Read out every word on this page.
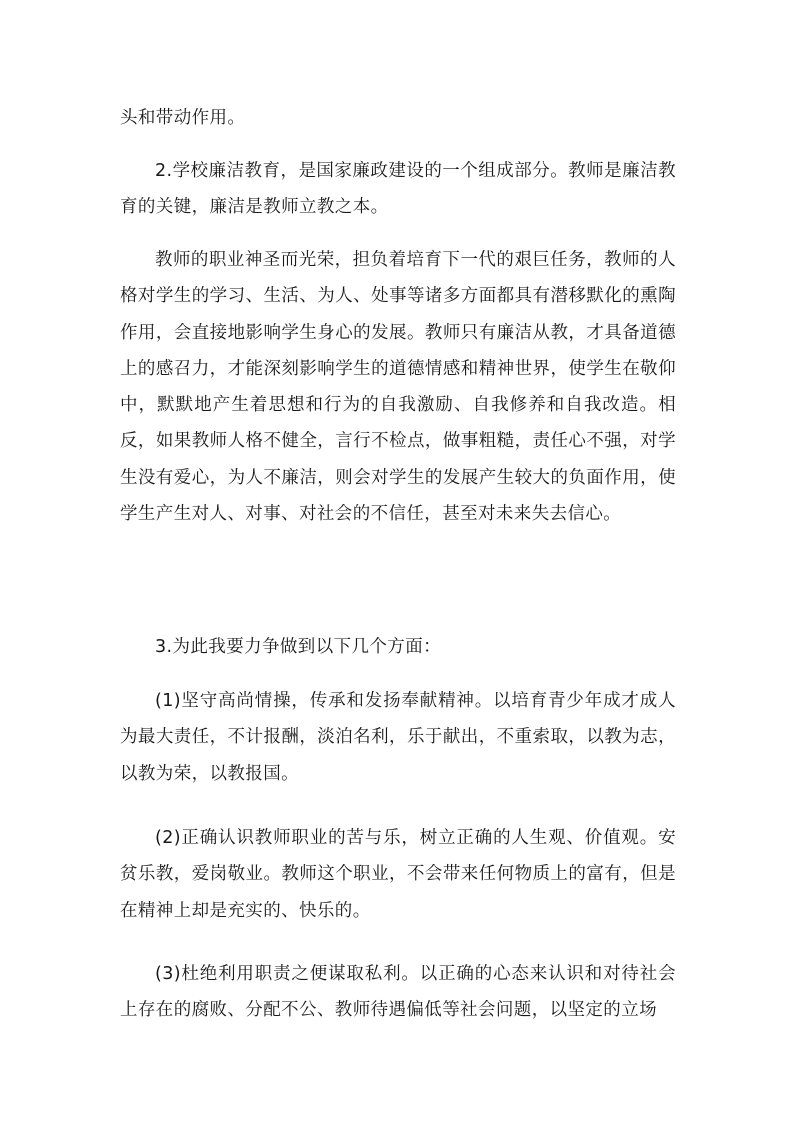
头和带动作用。

2.学校廉洁教育，是国家廉政建设的一个组成部分。教师是廉洁教育的关键，廉洁是教师立教之本。

教师的职业神圣而光荣，担负着培育下一代的艰巨任务，教师的人格对学生的学习、生活、为人、处事等诸多方面都具有潜移默化的熏陶作用，会直接地影响学生身心的发展。教师只有廉洁从教，才具备道德上的感召力，才能深刻影响学生的道德情感和精神世界，使学生在敬仰中，默默地产生着思想和行为的自我激励、自我修养和自我改造。相反，如果教师人格不健全，言行不检点，做事粗糙，责任心不强，对学生没有爱心，为人不廉洁，则会对学生的发展产生较大的负面作用，使学生产生对人、对事、对社会的不信任，甚至对未来失去信心。

3.为此我要力争做到以下几个方面：

(1)坚守高尚情操，传承和发扬奉献精神。以培育青少年成才成人为最大责任，不计报酬，淡泊名利，乐于献出，不重索取，以教为志，以教为荣，以教报国。

(2)正确认识教师职业的苦与乐，树立正确的人生观、价值观。安贫乐教，爱岗敬业。教师这个职业，不会带来任何物质上的富有，但是在精神上却是充实的、快乐的。

(3)杜绝利用职责之便谋取私利。以正确的心态来认识和对待社会上存在的腐败、分配不公、教师待遇偏低等社会问题，以坚定的立场
